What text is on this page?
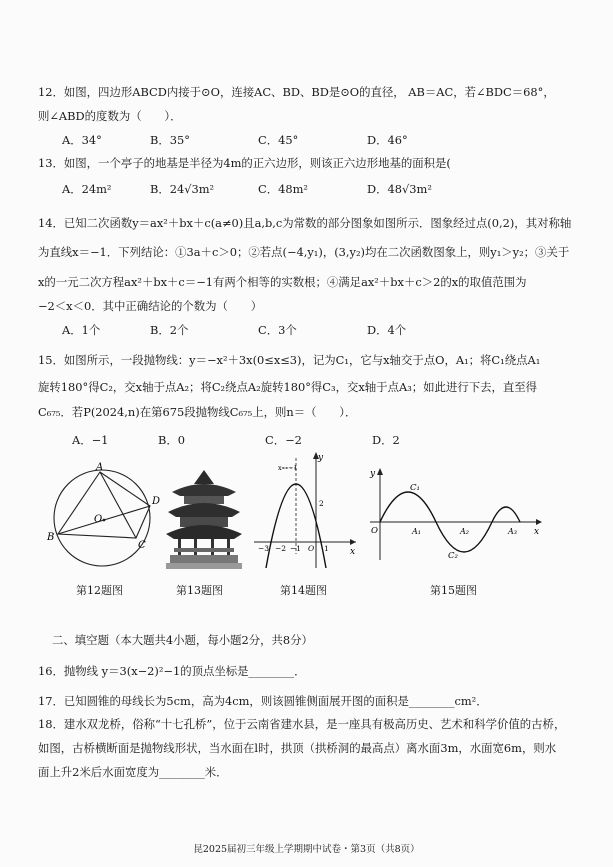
12．如图，四边形ABCD内接于⊙O，连接AC、BD、BD是⊙O的直径， AB＝AC，若∠BDC＝68°，
则∠ABD的度数为（　　）．
A．34°	B．35°	C．45°	D．46°
13．如图，一个亭子的地基是半径为4m的正六边形，则该正六边形地基的面积是(
A．24m²	B．24√3m²	C．48m²	D．48√3m²
14．已知二次函数y＝ax²＋bx＋c(a≠0)且a,b,c为常数的部分图象如图所示．图象经过点(0,2)，其对称轴
为直线x＝−1．下列结论：①3a＋c＞0；②若点(−4,y₁)，(3,y₂)均在二次函数图象上，则y₁＞y₂；③关于
x的一元二次方程ax²＋bx＋c＝−1有两个相等的实数根；④满足ax²＋bx＋c＞2的x的取值范围为
−2＜x＜0．其中正确结论的个数为（　　）
A．1个	B．2个	C．3个	D．4个
15．如图所示，一段抛物线：y＝−x²＋3x(0≤x≤3)，记为C₁，它与x轴交于点O，A₁；将C₁绕点A₁
旋转180°得C₂，交x轴于点A₂；将C₂绕点A₂旋转180°得C₃，交x轴于点A₃；如此进行下去，直至得
C₆₇₅．若P(2024,n)在第675段抛物线C₆₇₅上，则n＝（　　）．
A．−1	B．0	C．−2	D．2
A
B
C
D
O
y
x
−3 −2 −1 O 1
2
x＝−1
y
x
O
C₁
A₁	A₂	A₃
C₂
第12题图	第13题图	第14题图	第15题图
二、填空题（本大题共4小题，每小题2分，共8分）
16．抛物线 y＝3(x−2)²−1的顶点坐标是________．
17．已知圆锥的母线长为5cm，高为4cm，则该圆锥侧面展开图的面积是________cm²．
18．建水双龙桥，俗称“十七孔桥”，位于云南省建水县，是一座具有极高历史、艺术和科学价值的古桥，
如图，古桥横断面是抛物线形状，当水面在l时，拱顶（拱桥洞的最高点）离水面3m，水面宽6m，则水
面上升2米后水面宽度为________米．
昆2025届初三年级上学期期中试卷・第3页（共8页）
